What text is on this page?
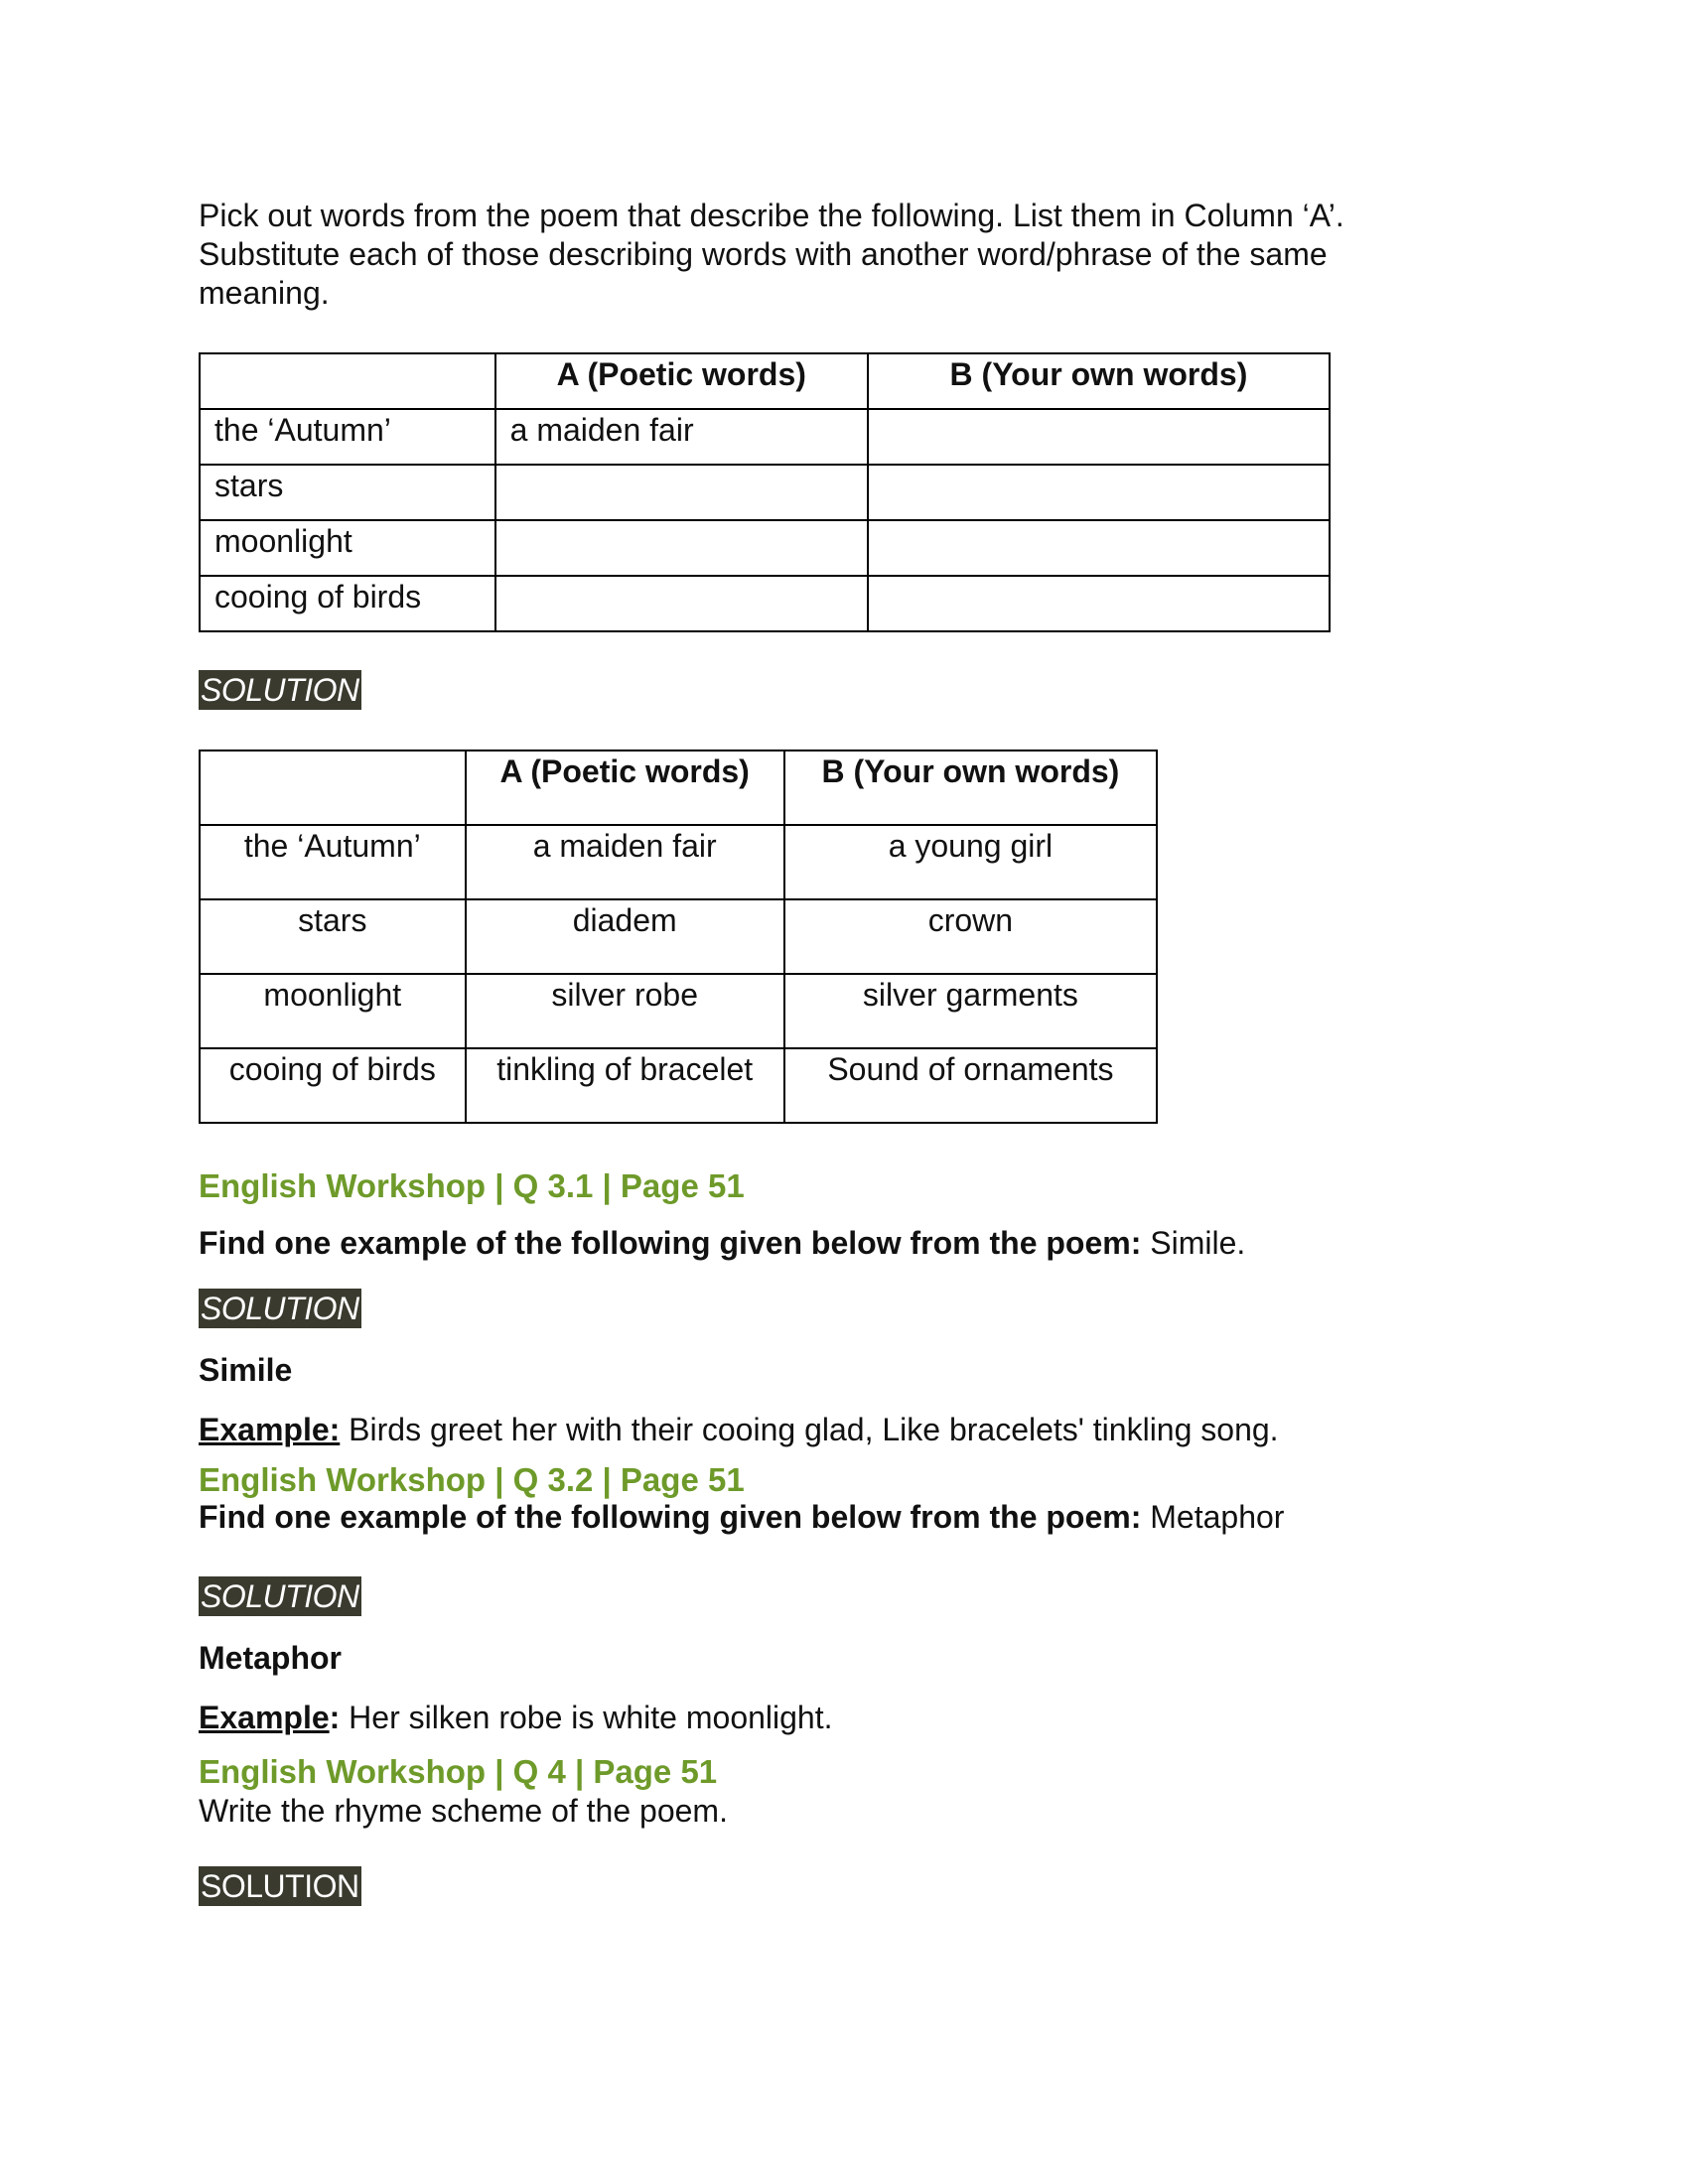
Pick out words from the poem that describe the following. List them in Column ‘A’. Substitute each of those describing words with another word/phrase of the same meaning.

	A (Poetic words)	B (Your own words)
the ‘Autumn’	a maiden fair	
stars		
moonlight		
cooing of birds		
SOLUTION
	A (Poetic words)	B (Your own words)
the ‘Autumn’	a maiden fair	a young girl
stars	diadem	crown
moonlight	silver robe	silver garments
cooing of birds	tinkling of bracelet	Sound of ornaments

English Workshop | Q 3.1 | Page 51

Find one example of the following given below from the poem: Simile.

SOLUTION

Simile

Example: Birds greet her with their cooing glad, Like bracelets' tinkling song.

English Workshop | Q 3.2 | Page 51

Find one example of the following given below from the poem: Metaphor

SOLUTION

Metaphor

Example: Her silken robe is white moonlight.

English Workshop | Q 4 | Page 51

Write the rhyme scheme of the poem.

SOLUTION
